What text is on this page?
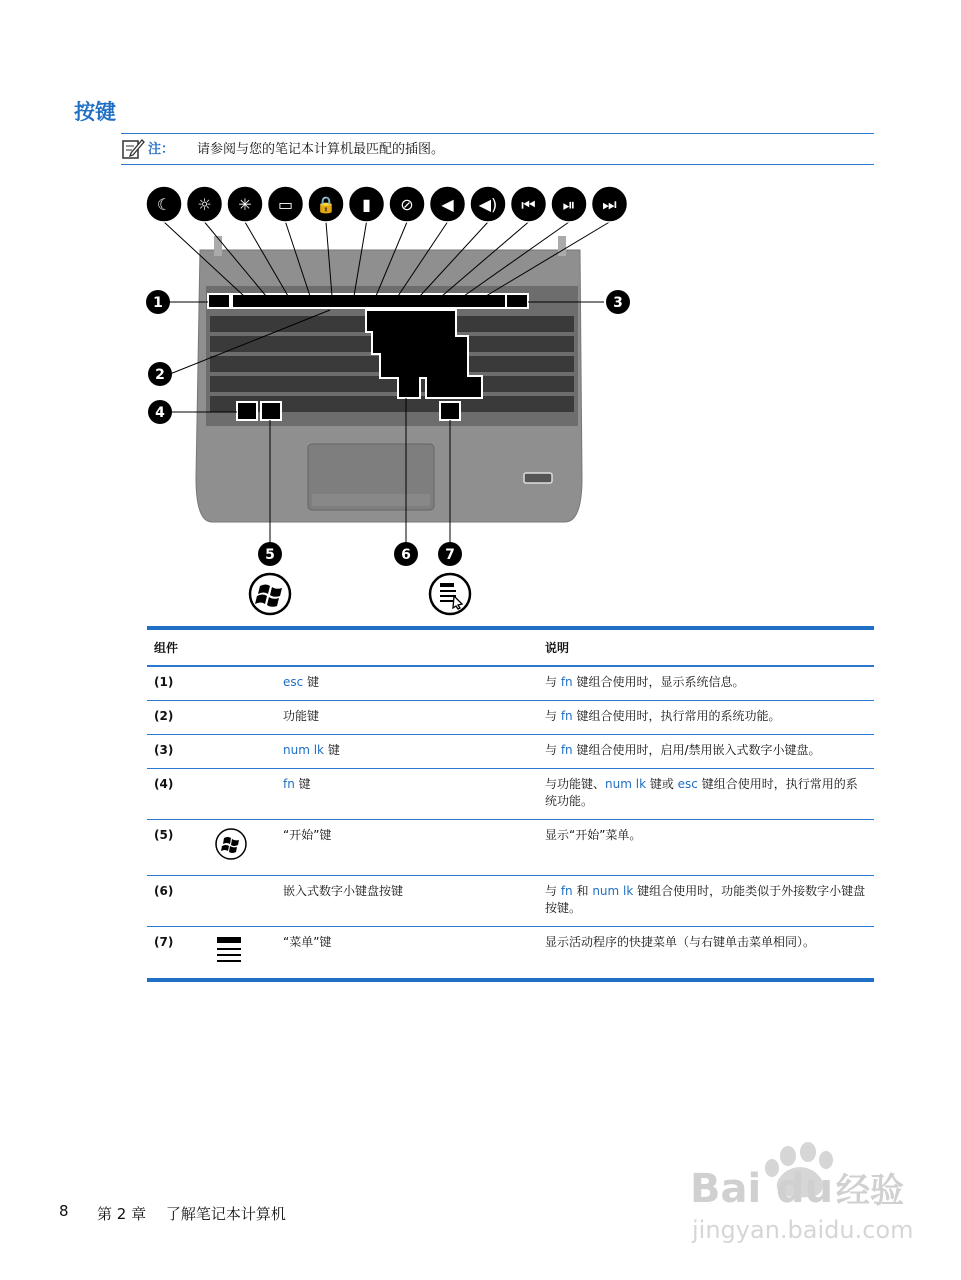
按键
注： 请参阅与您的笔记本计算机最匹配的插图。
☾ ☼ ✳ ▭ 🔒 ▮ ⊘ ◀ ◀) ⏮ ⏯ ⏭
1
2
3
4
5	6 7
组件			说明
(1)		esc 键	与 fn 键组合使用时，显示系统信息。
(2)		功能键	与 fn 键组合使用时，执行常用的系统功能。
(3)		num lk 键	与 fn 键组合使用时，启用/禁用嵌入式数字小键盘。
(4)		fn 键	与功能键、num lk 键或 esc 键组合使用时，执行常用的系统功能。
(5)		“开始”键	显示“开始”菜单。
(6)		嵌入式数字小键盘按键	与 fn 和 num lk 键组合使用时，功能类似于外接数字小键盘按键。
(7)		“菜单”键	显示活动程序的快捷菜单（与右键单击菜单相同）。
8 第 2 章　 了解笔记本计算机
Bai du 经验
jingyan.baidu.com
